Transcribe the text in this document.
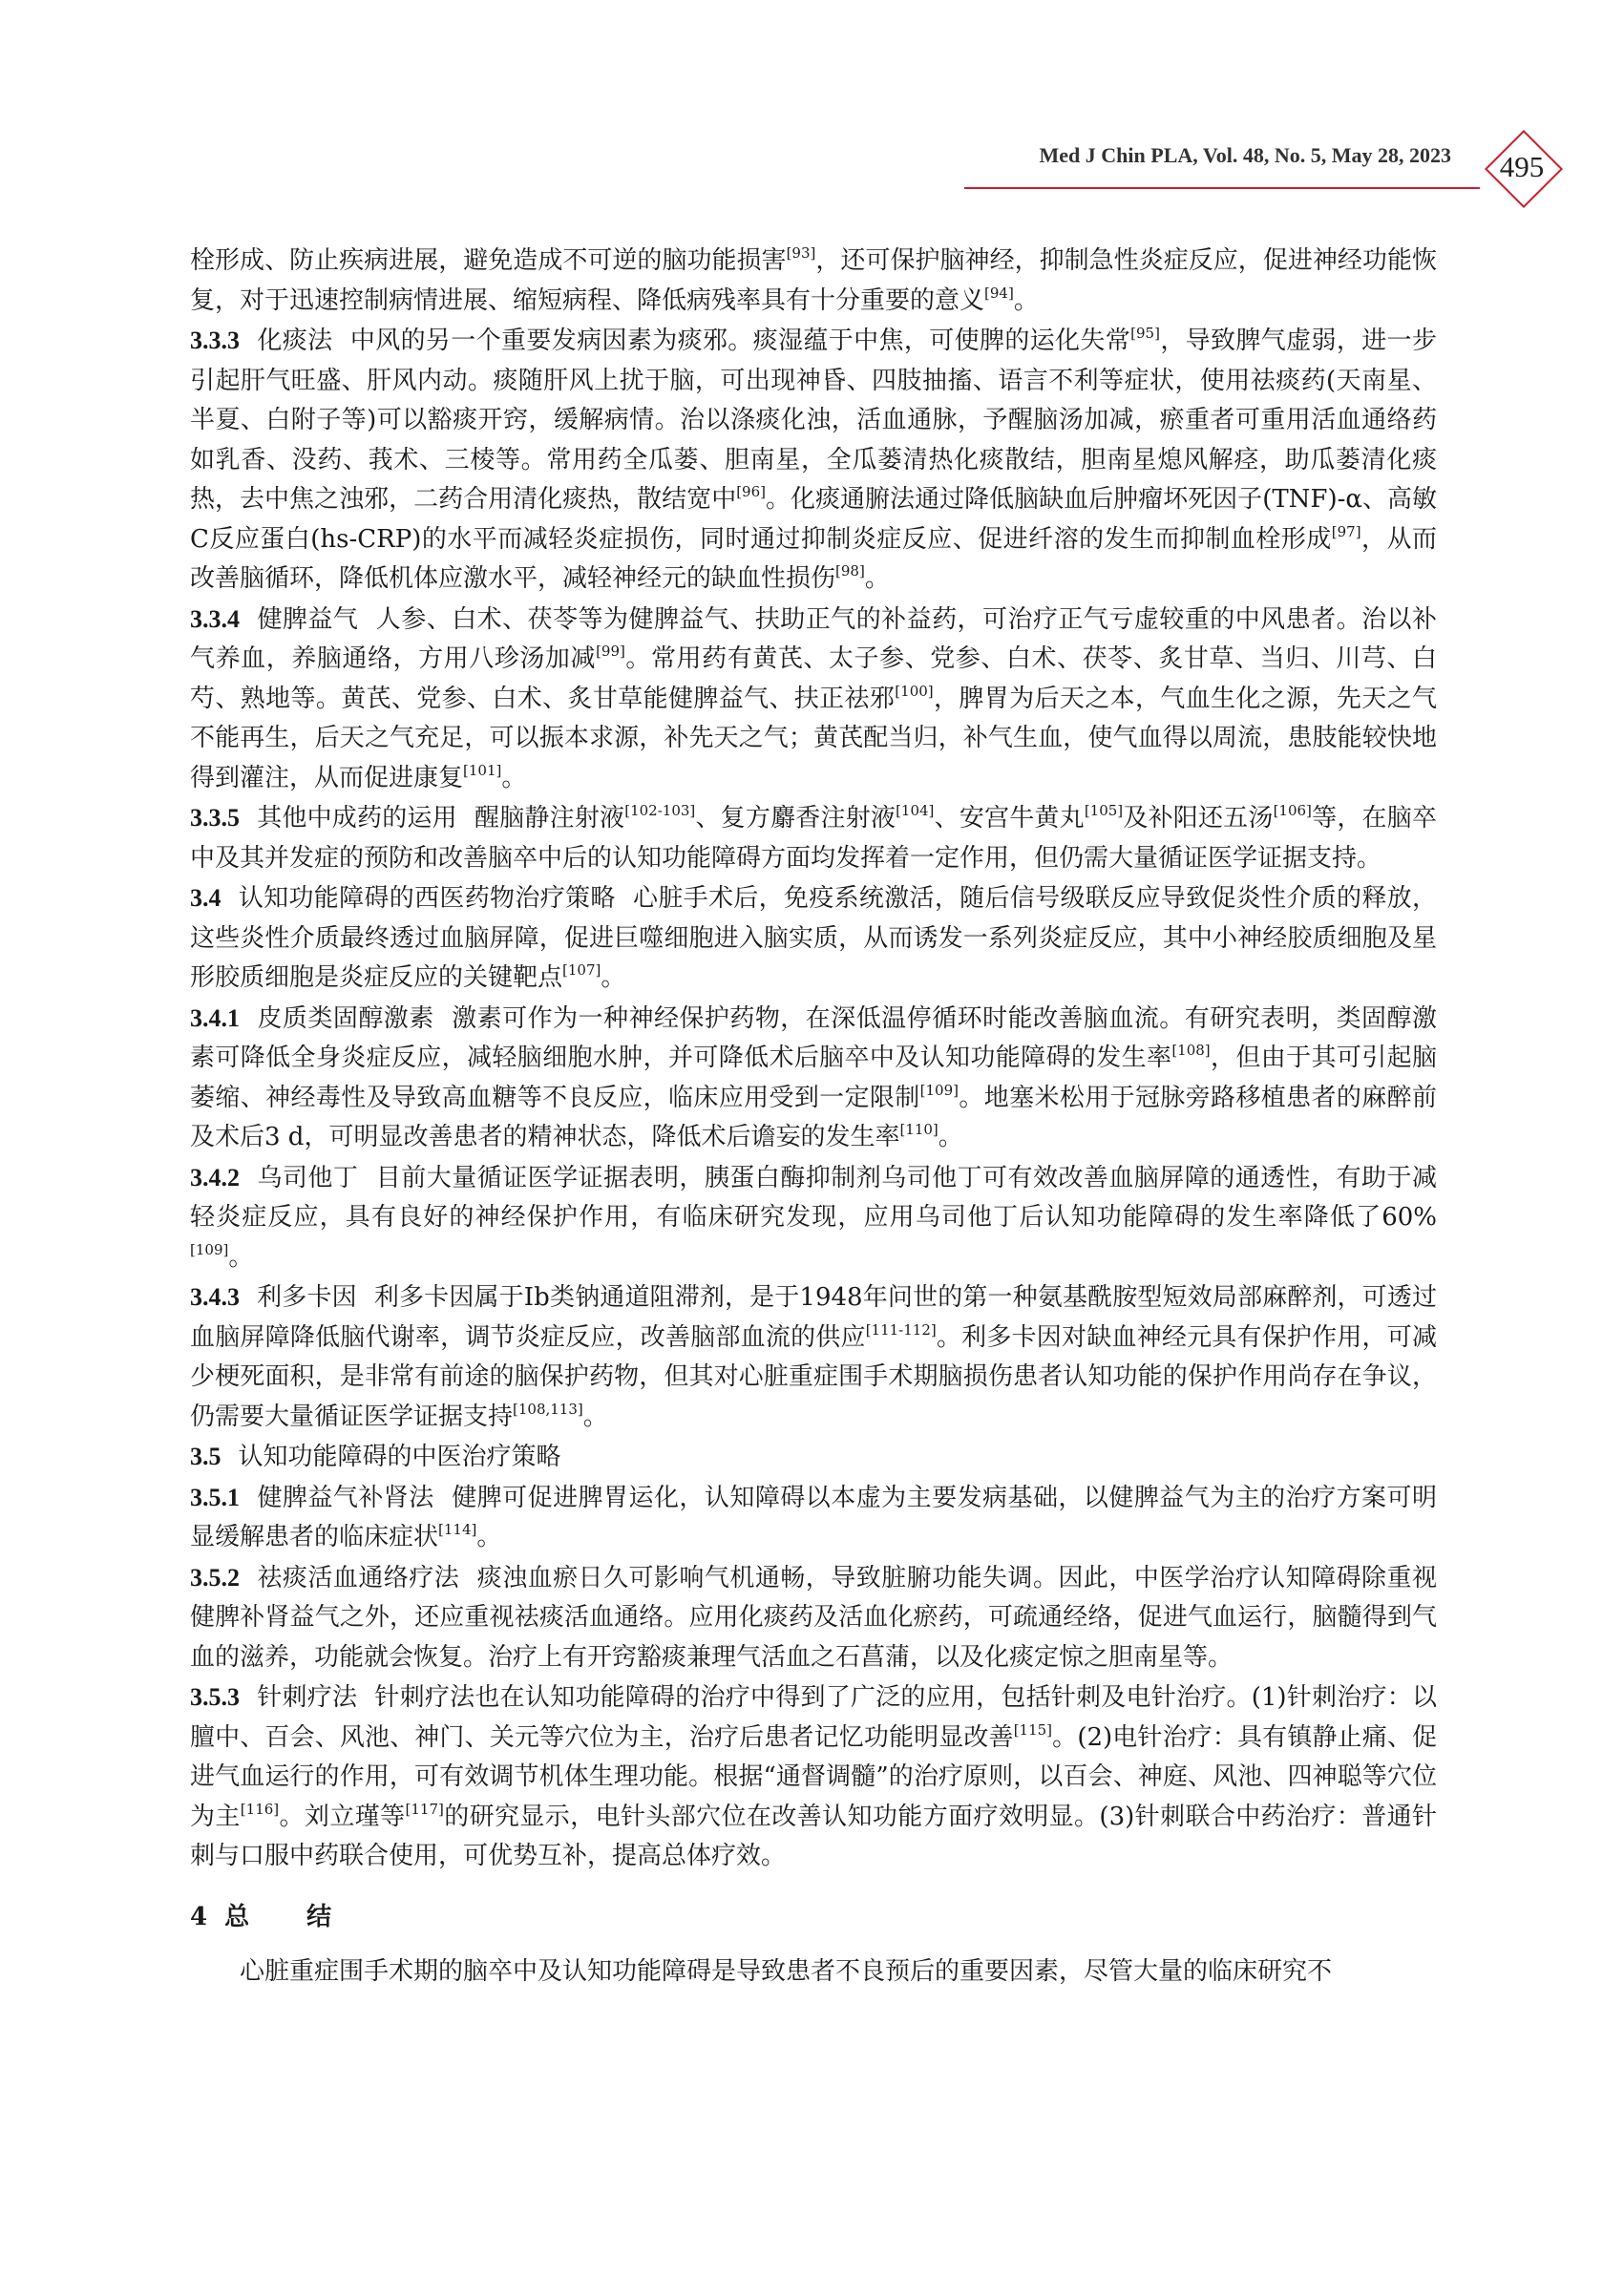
Med J Chin PLA, Vol. 48, No. 5, May 28, 2023	495

栓形成、防止疾病进展，避免造成不可逆的脑功能损害[93]，还可保护脑神经，抑制急性炎症反应，促进神经功能恢复，对于迅速控制病情进展、缩短病程、降低病残率具有十分重要的意义[94]。

3.3.3 化痰法 中风的另一个重要发病因素为痰邪。痰湿蕴于中焦，可使脾的运化失常[95]，导致脾气虚弱，进一步引起肝气旺盛、肝风内动。痰随肝风上扰于脑，可出现神昏、四肢抽搐、语言不利等症状，使用祛痰药(天南星、半夏、白附子等)可以豁痰开窍，缓解病情。治以涤痰化浊，活血通脉，予醒脑汤加减，瘀重者可重用活血通络药如乳香、没药、莪术、三棱等。常用药全瓜蒌、胆南星，全瓜蒌清热化痰散结，胆南星熄风解痉，助瓜蒌清化痰热，去中焦之浊邪，二药合用清化痰热，散结宽中[96]。化痰通腑法通过降低脑缺血后肿瘤坏死因子(TNF)-α、高敏C反应蛋白(hs-CRP)的水平而减轻炎症损伤，同时通过抑制炎症反应、促进纤溶的发生而抑制血栓形成[97]，从而改善脑循环，降低机体应激水平，减轻神经元的缺血性损伤[98]。

3.3.4 健脾益气 人参、白术、茯苓等为健脾益气、扶助正气的补益药，可治疗正气亏虚较重的中风患者。治以补气养血，养脑通络，方用八珍汤加减[99]。常用药有黄芪、太子参、党参、白术、茯苓、炙甘草、当归、川芎、白芍、熟地等。黄芪、党参、白术、炙甘草能健脾益气、扶正祛邪[100]，脾胃为后天之本，气血生化之源，先天之气不能再生，后天之气充足，可以振本求源，补先天之气；黄芪配当归，补气生血，使气血得以周流，患肢能较快地得到灌注，从而促进康复[101]。

3.3.5 其他中成药的运用 醒脑静注射液[102-103]、复方麝香注射液[104]、安宫牛黄丸[105]及补阳还五汤[106]等，在脑卒中及其并发症的预防和改善脑卒中后的认知功能障碍方面均发挥着一定作用，但仍需大量循证医学证据支持。

3.4 认知功能障碍的西医药物治疗策略 心脏手术后，免疫系统激活，随后信号级联反应导致促炎性介质的释放，这些炎性介质最终透过血脑屏障，促进巨噬细胞进入脑实质，从而诱发一系列炎症反应，其中小神经胶质细胞及星形胶质细胞是炎症反应的关键靶点[107]。

3.4.1 皮质类固醇激素 激素可作为一种神经保护药物，在深低温停循环时能改善脑血流。有研究表明，类固醇激素可降低全身炎症反应，减轻脑细胞水肿，并可降低术后脑卒中及认知功能障碍的发生率[108]，但由于其可引起脑萎缩、神经毒性及导致高血糖等不良反应，临床应用受到一定限制[109]。地塞米松用于冠脉旁路移植患者的麻醉前及术后3 d，可明显改善患者的精神状态，降低术后谵妄的发生率[110]。

3.4.2 乌司他丁 目前大量循证医学证据表明，胰蛋白酶抑制剂乌司他丁可有效改善血脑屏障的通透性，有助于减轻炎症反应，具有良好的神经保护作用，有临床研究发现，应用乌司他丁后认知功能障碍的发生率降低了60%[109]。

3.4.3 利多卡因 利多卡因属于Ⅰb类钠通道阻滞剂，是于1948年问世的第一种氨基酰胺型短效局部麻醉剂，可透过血脑屏障降低脑代谢率，调节炎症反应，改善脑部血流的供应[111-112]。利多卡因对缺血神经元具有保护作用，可减少梗死面积，是非常有前途的脑保护药物，但其对心脏重症围手术期脑损伤患者认知功能的保护作用尚存在争议，仍需要大量循证医学证据支持[108,113]。

3.5 认知功能障碍的中医治疗策略

3.5.1 健脾益气补肾法 健脾可促进脾胃运化，认知障碍以本虚为主要发病基础，以健脾益气为主的治疗方案可明显缓解患者的临床症状[114]。

3.5.2 祛痰活血通络疗法 痰浊血瘀日久可影响气机通畅，导致脏腑功能失调。因此，中医学治疗认知障碍除重视健脾补肾益气之外，还应重视祛痰活血通络。应用化痰药及活血化瘀药，可疏通经络，促进气血运行，脑髓得到气血的滋养，功能就会恢复。治疗上有开窍豁痰兼理气活血之石菖蒲，以及化痰定惊之胆南星等。

3.5.3 针刺疗法 针刺疗法也在认知功能障碍的治疗中得到了广泛的应用，包括针刺及电针治疗。(1)针刺治疗：以膻中、百会、风池、神门、关元等穴位为主，治疗后患者记忆功能明显改善[115]。(2)电针治疗：具有镇静止痛、促进气血运行的作用，可有效调节机体生理功能。根据“通督调髓”的治疗原则，以百会、神庭、风池、四神聪等穴位为主[116]。刘立瑾等[117]的研究显示，电针头部穴位在改善认知功能方面疗效明显。(3)针刺联合中药治疗：普通针刺与口服中药联合使用，可优势互补，提高总体疗效。

4 总 结

心脏重症围手术期的脑卒中及认知功能障碍是导致患者不良预后的重要因素，尽管大量的临床研究不
